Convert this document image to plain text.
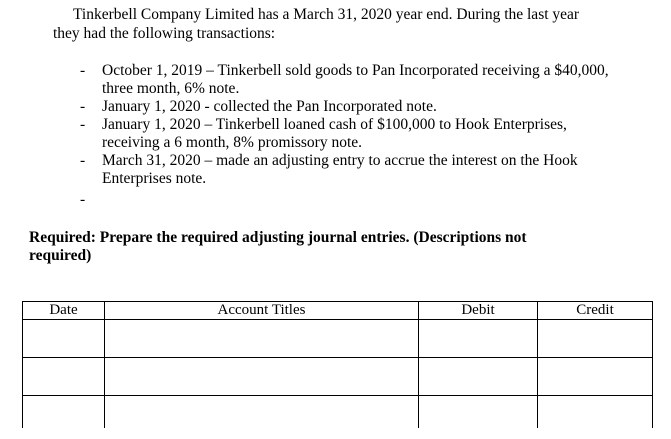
Tinkerbell Company Limited has a March 31, 2020 year end. During the last year
they had the following transactions:
- October 1, 2019 – Tinkerbell sold goods to Pan Incorporated receiving a $40,000, three month, 6% note.
- January 1, 2020 - collected the Pan Incorporated note.
- January 1, 2020 – Tinkerbell loaned cash of $100,000 to Hook Enterprises, receiving a 6 month, 8% promissory note.
- March 31, 2020 – made an adjusting entry to accrue the interest on the Hook Enterprises note.
-
Required: Prepare the required adjusting journal entries. (Descriptions not required)
Date	Account Titles	Debit	Credit
